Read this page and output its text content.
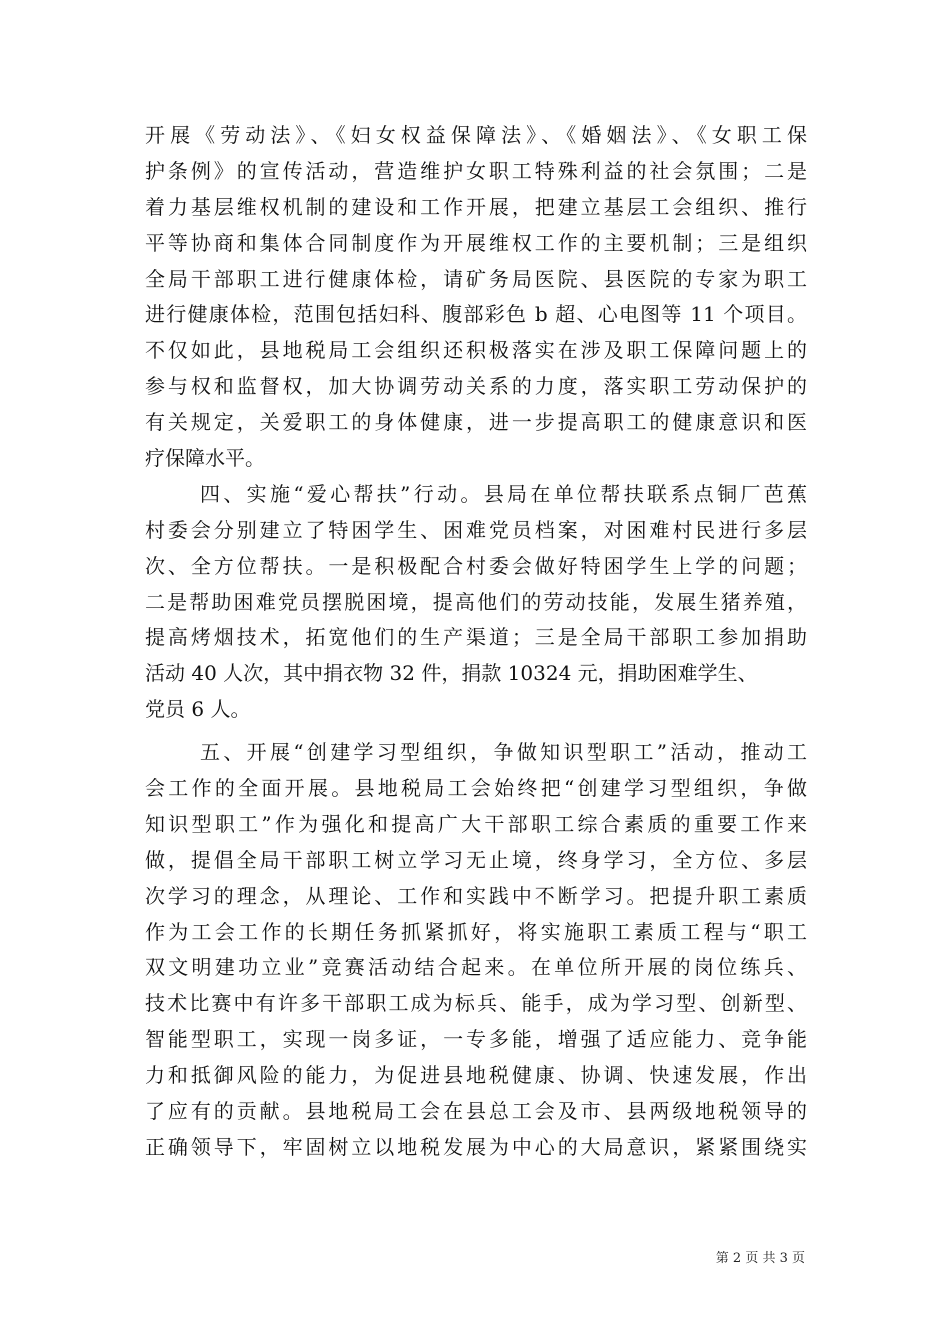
开展《劳动法》、《妇女权益保障法》、《婚姻法》、《女职工保
护条例》的宣传活动，营造维护女职工特殊利益的社会氛围；二是
着力基层维权机制的建设和工作开展，把建立基层工会组织、推行
平等协商和集体合同制度作为开展维权工作的主要机制；三是组织
全局干部职工进行健康体检，请矿务局医院、县医院的专家为职工
进行健康体检，范围包括妇科、腹部彩色 b 超、心电图等 11 个项目。
不仅如此，县地税局工会组织还积极落实在涉及职工保障问题上的
参与权和监督权，加大协调劳动关系的力度，落实职工劳动保护的
有关规定，关爱职工的身体健康，进一步提高职工的健康意识和医
疗保障水平。
四、实施“爱心帮扶”行动。县局在单位帮扶联系点铜厂芭蕉
村委会分别建立了特困学生、困难党员档案，对困难村民进行多层
次、全方位帮扶。一是积极配合村委会做好特困学生上学的问题；
二是帮助困难党员摆脱困境，提高他们的劳动技能，发展生猪养殖，
提高烤烟技术，拓宽他们的生产渠道；三是全局干部职工参加捐助
活动 40 人次，其中捐衣物 32 件，捐款 10324 元，捐助困难学生、
党员 6 人。
五、开展“创建学习型组织，争做知识型职工”活动，推动工
会工作的全面开展。县地税局工会始终把“创建学习型组织，争做
知识型职工”作为强化和提高广大干部职工综合素质的重要工作来
做，提倡全局干部职工树立学习无止境，终身学习，全方位、多层
次学习的理念，从理论、工作和实践中不断学习。把提升职工素质
作为工会工作的长期任务抓紧抓好，将实施职工素质工程与“职工
双文明建功立业”竞赛活动结合起来。在单位所开展的岗位练兵、
技术比赛中有许多干部职工成为标兵、能手，成为学习型、创新型、
智能型职工，实现一岗多证，一专多能，增强了适应能力、竞争能
力和抵御风险的能力，为促进县地税健康、协调、快速发展，作出
了应有的贡献。县地税局工会在县总工会及市、县两级地税领导的
正确领导下，牢固树立以地税发展为中心的大局意识，紧紧围绕实
第 2 页 共 3 页
